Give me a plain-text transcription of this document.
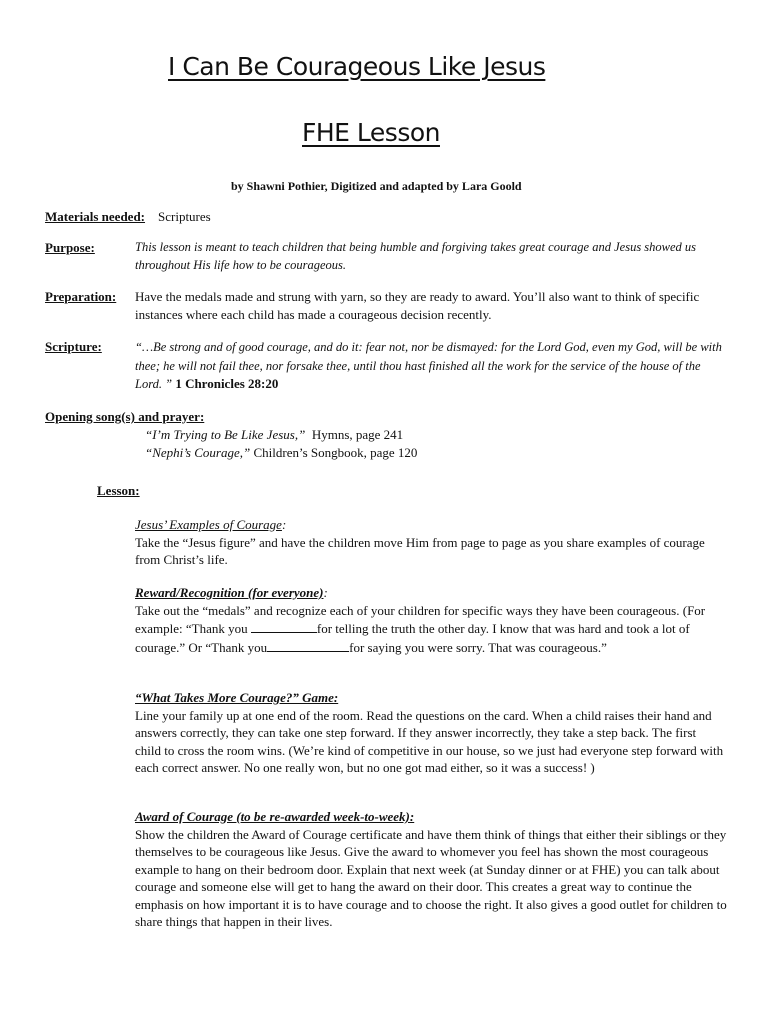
I Can Be Courageous Like Jesus
FHE Lesson
by Shawni Pothier, Digitized and adapted by Lara Goold
Materials needed: Scriptures
Purpose:	This lesson is meant to teach children that being humble and forgiving takes great courage and Jesus showed us throughout His life how to be courageous.

Preparation: Have the medals made and strung with yarn, so they are ready to award. You’ll also want to think of specific instances where each child has made a courageous decision recently.

Scripture:	“…Be strong and of good courage, and do it: fear not, nor be dismayed: for the Lord God, even my God, will be with thee; he will not fail thee, nor forsake thee, until thou hast finished all the work for the service of the house of the Lord. ” 1 Chronicles 28:20

Opening song(s) and prayer:
“I’m Trying to Be Like Jesus,” Hymns, page 241
“Nephi’s Courage,” Children’s Songbook, page 120
Lesson:

Jesus’ Examples of Courage:

Take the “Jesus figure” and have the children move Him from page to page as you share examples of courage from Christ’s life.

Reward/Recognition (for everyone):

Take out the “medals” and recognize each of your children for specific ways they have been courageous. (For example: “Thank you	for telling the truth the other day. I know that was hard and took a lot of courage.” Or “Thank you	for saying you were sorry. That was courageous.”

“What Takes More Courage?” Game:

Line your family up at one end of the room. Read the questions on the card. When a child raises their hand and answers correctly, they can take one step forward. If they answer incorrectly, they take a step back. The first child to cross the room wins. (We’re kind of competitive in our house, so we just had everyone step forward with each correct answer. No one really won, but no one got mad either, so it was a success! )

Award of Courage (to be re-awarded week-to-week):

Show the children the Award of Courage certificate and have them think of things that either their siblings or they themselves to be courageous like Jesus. Give the award to whomever you feel has shown the most courageous example to hang on their bedroom door. Explain that next week (at Sunday dinner or at FHE) you can talk about courage and someone else will get to hang the award on their door. This creates a great way to continue the emphasis on how important it is to have courage and to choose the right. It also gives a good outlet for children to share things that happen in their lives.
